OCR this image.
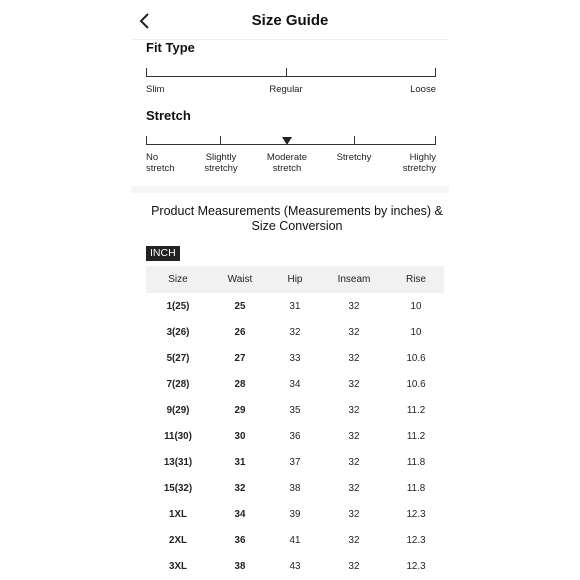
Size Guide
Fit Type
Slim	Regular	Loose
Stretch
No
stretch
Slightly
stretchy
Moderate
stretch
Stretchy	Highly
stretchy
Product Measurements (Measurements by inches) & Size Conversion
INCH
Size	Waist	Hip	Inseam	Rise
1(25)	25	31	32	10
3(26)	26	32	32	10
5(27)	27	33	32	10.6
7(28)	28	34	32	10.6
9(29)	29	35	32	11.2
11(30)	30	36	32	11.2
13(31)	31	37	32	11.8
15(32)	32	38	32	11.8
1XL	34	39	32	12.3
2XL	36	41	32	12.3
3XL	38	43	32	12.3
